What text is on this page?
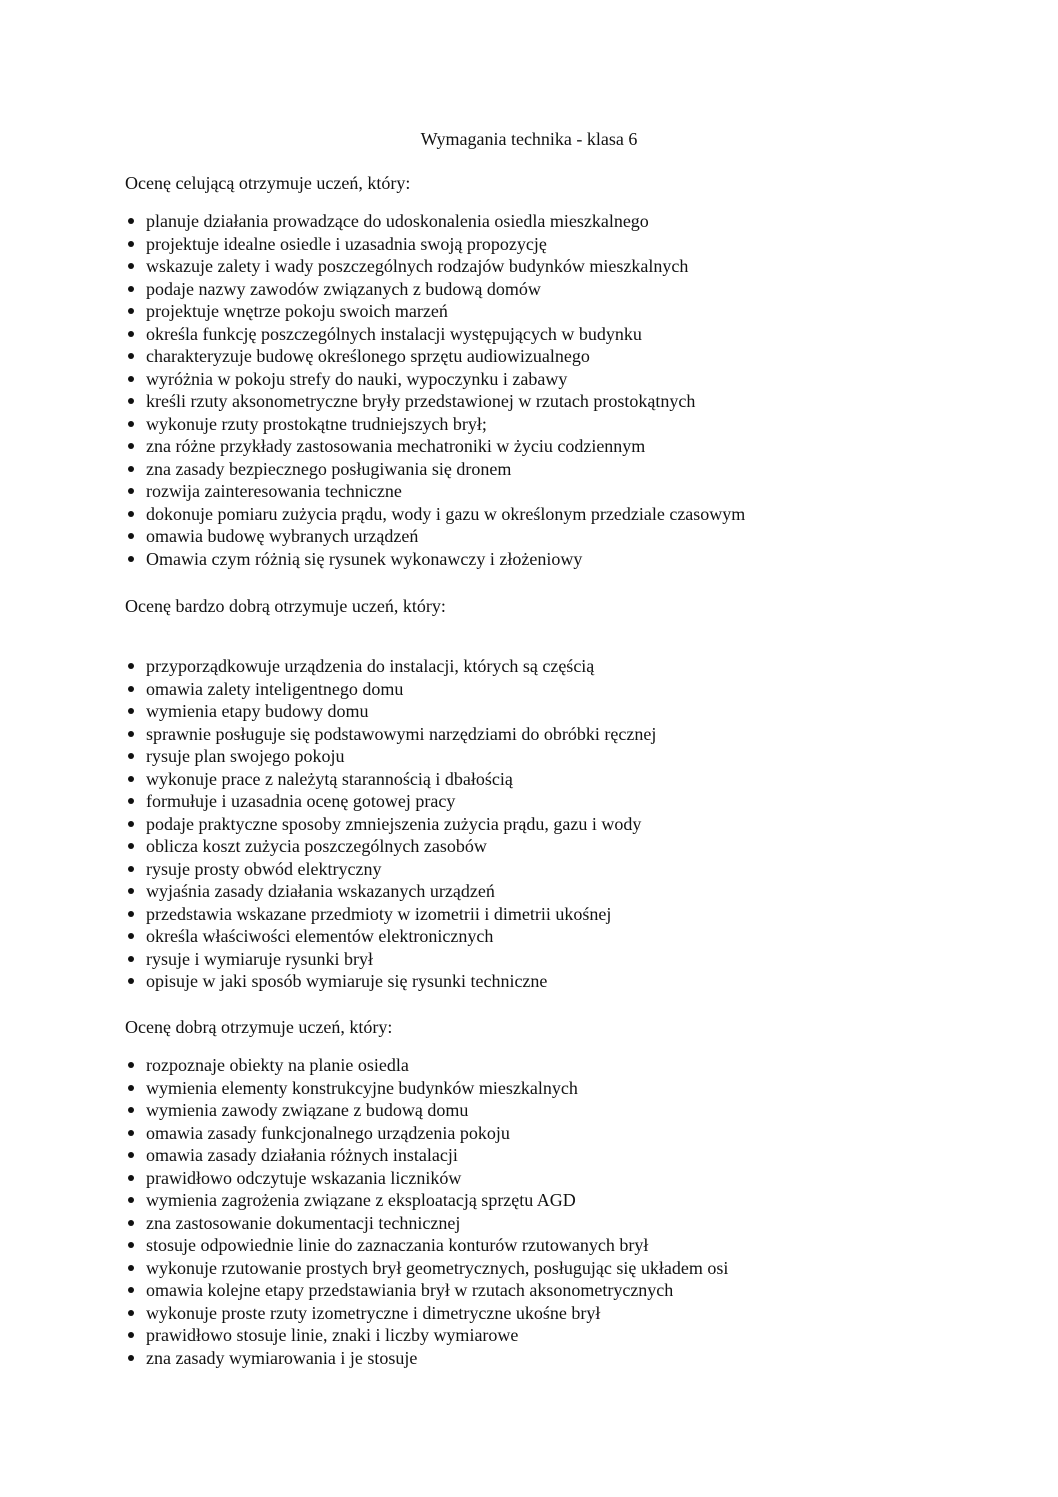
Wymagania technika - klasa 6
Ocenę celującą otrzymuje uczeń, który:
planuje działania prowadzące do udoskonalenia osiedla mieszkalnego
projektuje idealne osiedle i uzasadnia swoją propozycję
wskazuje zalety i wady poszczególnych rodzajów budynków mieszkalnych
podaje nazwy zawodów związanych z budową domów
projektuje wnętrze pokoju swoich marzeń
określa funkcję poszczególnych instalacji występujących w budynku
charakteryzuje budowę określonego sprzętu audiowizualnego
wyróżnia w pokoju strefy do nauki, wypoczynku i zabawy
kreśli rzuty aksonometryczne bryły przedstawionej w rzutach prostokątnych
wykonuje rzuty prostokątne trudniejszych brył;
zna różne przykłady zastosowania mechatroniki w życiu codziennym
zna zasady bezpiecznego posługiwania się dronem
rozwija zainteresowania techniczne
dokonuje pomiaru zużycia prądu, wody i gazu w określonym przedziale czasowym
omawia budowę wybranych urządzeń
Omawia czym różnią się rysunek wykonawczy i złożeniowy
Ocenę bardzo dobrą otrzymuje uczeń, który:
przyporządkowuje urządzenia do instalacji, których są częścią
omawia zalety inteligentnego domu
wymienia etapy budowy domu
sprawnie posługuje się podstawowymi narzędziami do obróbki ręcznej
rysuje plan swojego pokoju
wykonuje prace z należytą starannością i dbałością
formułuje i uzasadnia ocenę gotowej pracy
podaje praktyczne sposoby zmniejszenia zużycia prądu, gazu i wody
oblicza koszt zużycia poszczególnych zasobów
rysuje prosty obwód elektryczny
wyjaśnia zasady działania wskazanych urządzeń
przedstawia wskazane przedmioty w izometrii i dimetrii ukośnej
określa właściwości elementów elektronicznych
rysuje i wymiaruje rysunki brył
opisuje w jaki sposób wymiaruje się rysunki techniczne
Ocenę dobrą otrzymuje uczeń, który:
rozpoznaje obiekty na planie osiedla
wymienia elementy konstrukcyjne budynków mieszkalnych
wymienia zawody związane z budową domu
omawia zasady funkcjonalnego urządzenia pokoju
omawia zasady działania różnych instalacji
prawidłowo odczytuje wskazania liczników
wymienia zagrożenia związane z eksploatacją sprzętu AGD
zna zastosowanie dokumentacji technicznej
stosuje odpowiednie linie do zaznaczania konturów rzutowanych brył
wykonuje rzutowanie prostych brył geometrycznych, posługując się układem osi
omawia kolejne etapy przedstawiania brył w rzutach aksonometrycznych
wykonuje proste rzuty izometryczne i dimetryczne ukośne brył
prawidłowo stosuje linie, znaki i liczby wymiarowe
zna zasady wymiarowania i je stosuje
